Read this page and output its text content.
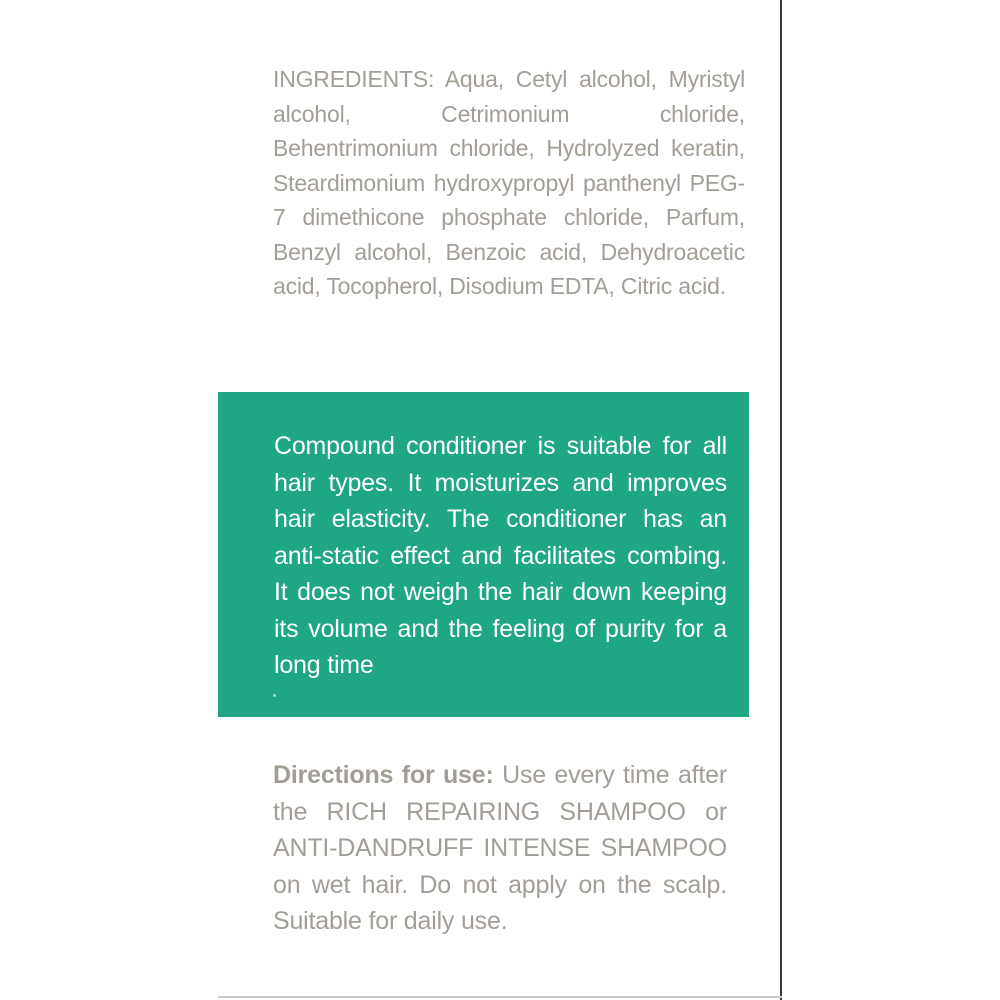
INGREDIENTS: Aqua, Cetyl alcohol, Myristyl alcohol, Cetrimonium chloride, Behentrimonium chloride, Hydrolyzed keratin, Steardimonium hydroxypropyl panthenyl PEG-7 dimethicone phosphate chloride, Parfum, Benzyl alcohol, Benzoic acid, Dehydroacetic acid, Tocopherol, Disodium EDTA, Citric acid.

Compound conditioner is suitable for all hair types. It moisturizes and improves hair elasticity. The conditioner has an anti-static effect and facilitates combing. It does not weigh the hair down keeping its volume and the feeling of purity for a long time

Directions for use: Use every time after the RICH REPAIRING SHAMPOO or ANTI-DANDRUFF INTENSE SHAMPOO on wet hair. Do not apply on the scalp. Suitable for daily use.
